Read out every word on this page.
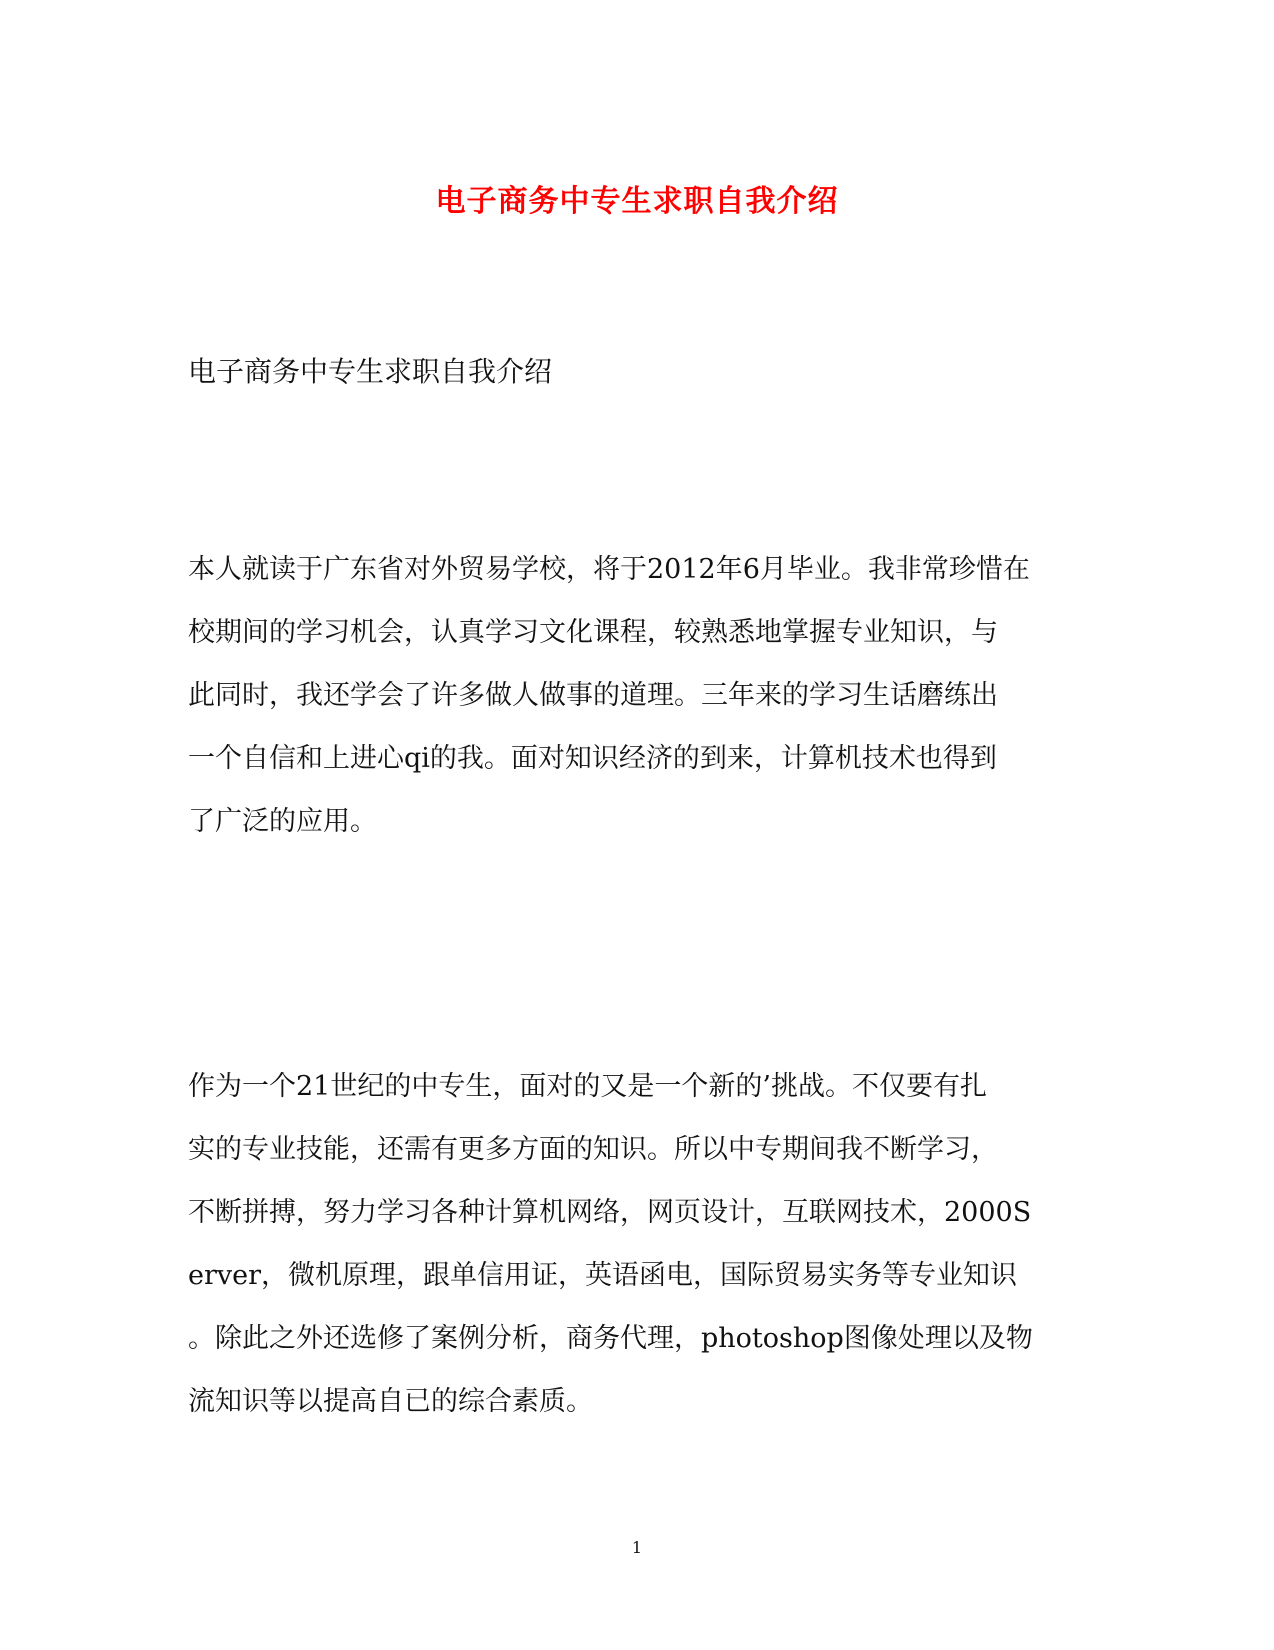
电子商务中专生求职自我介绍

电子商务中专生求职自我介绍

本人就读于广东省对外贸易学校，将于2012年6月毕业。我非常珍惜在
校期间的学习机会，认真学习文化课程，较熟悉地掌握专业知识，与
此同时，我还学会了许多做人做事的道理。三年来的学习生话磨练出
一个自信和上进心qi的我。面对知识经济的到来，计算机技术也得到
了广泛的应用。
作为一个21世纪的中专生，面对的又是一个新的’挑战。不仅要有扎
实的专业技能，还需有更多方面的知识。所以中专期间我不断学习，
不断拼搏，努力学习各种计算机网络，网页设计，互联网技术，2000S
erver，微机原理，跟单信用证，英语函电，国际贸易实务等专业知识
。除此之外还选修了案例分析，商务代理，photoshop图像处理以及物
流知识等以提高自已的综合素质。

1
